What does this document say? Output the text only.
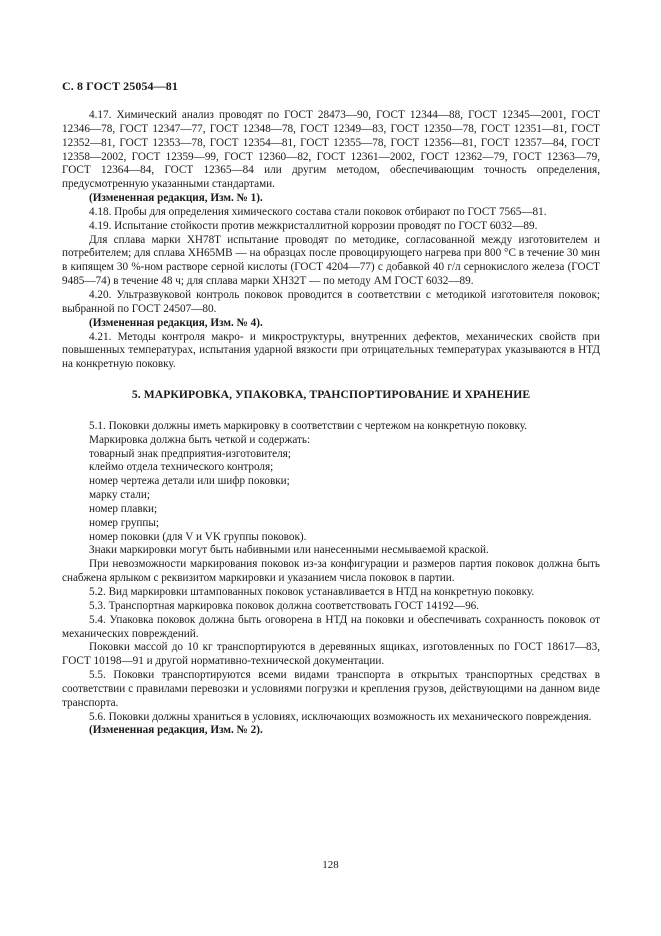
С. 8 ГОСТ 25054—81

4.17. Химический анализ проводят по ГОСТ 28473—90, ГОСТ 12344—88, ГОСТ 12345—2001, ГОСТ 12346—78, ГОСТ 12347—77, ГОСТ 12348—78, ГОСТ 12349—83, ГОСТ 12350—78, ГОСТ 12351—81, ГОСТ 12352—81, ГОСТ 12353—78, ГОСТ 12354—81, ГОСТ 12355—78, ГОСТ 12356—81, ГОСТ 12357—84, ГОСТ 12358—2002, ГОСТ 12359—99, ГОСТ 12360—82, ГОСТ 12361—2002, ГОСТ 12362—79, ГОСТ 12363—79, ГОСТ 12364—84, ГОСТ 12365—84 или другим методом, обеспечивающим точность определения, предусмотренную указанными стандартами.

(Измененная редакция, Изм. № 1).

4.18. Пробы для определения химического состава стали поковок отбирают по ГОСТ 7565—81.

4.19. Испытание стойкости против межкристаллитной коррозии проводят по ГОСТ 6032—89.

Для сплава марки ХН78Т испытание проводят по методике, согласованной между изготовителем и потребителем; для сплава ХН65МВ — на образцах после провоцирующего нагрева при 800 °С в течение 30 мин в кипящем 30 %-ном растворе серной кислоты (ГОСТ 4204—77) с добавкой 40 г/л сернокислого железа (ГОСТ 9485—74) в течение 48 ч; для сплава марки ХН32Т — по методу АМ ГОСТ 6032—89.

4.20. Ультразвуковой контроль поковок проводится в соответствии с методикой изготовителя поковок; выбранной по ГОСТ 24507—80.

(Измененная редакция, Изм. № 4).

4.21. Методы контроля макро- и микроструктуры, внутренних дефектов, механических свойств при повышенных температурах, испытания ударной вязкости при отрицательных температурах указываются в НТД на конкретную поковку.

5. МАРКИРОВКА, УПАКОВКА, ТРАНСПОРТИРОВАНИЕ И ХРАНЕНИЕ

5.1. Поковки должны иметь маркировку в соответствии с чертежом на конкретную поковку.

Маркировка должна быть четкой и содержать:

товарный знак предприятия-изготовителя;

клеймо отдела технического контроля;

номер чертежа детали или шифр поковки;

марку стали;

номер плавки;

номер группы;

номер поковки (для V и VK группы поковок).

Знаки маркировки могут быть набивными или нанесенными несмываемой краской.

При невозможности маркирования поковок из-за конфигурации и размеров партия поковок должна быть снабжена ярлыком с реквизитом маркировки и указанием числа поковок в партии.

5.2. Вид маркировки штампованных поковок устанавливается в НТД на конкретную поковку.

5.3. Транспортная маркировка поковок должна соответствовать ГОСТ 14192—96.

5.4. Упаковка поковок должна быть оговорена в НТД на поковки и обеспечивать сохранность поковок от механических повреждений.

Поковки массой до 10 кг транспортируются в деревянных ящиках, изготовленных по ГОСТ 18617—83, ГОСТ 10198—91 и другой нормативно-технической документации.

5.5. Поковки транспортируются всеми видами транспорта в открытых транспортных средствах в соответствии с правилами перевозки и условиями погрузки и крепления грузов, действующими на данном виде транспорта.

5.6. Поковки должны храниться в условиях, исключающих возможность их механического повреждения.

(Измененная редакция, Изм. № 2).

128
